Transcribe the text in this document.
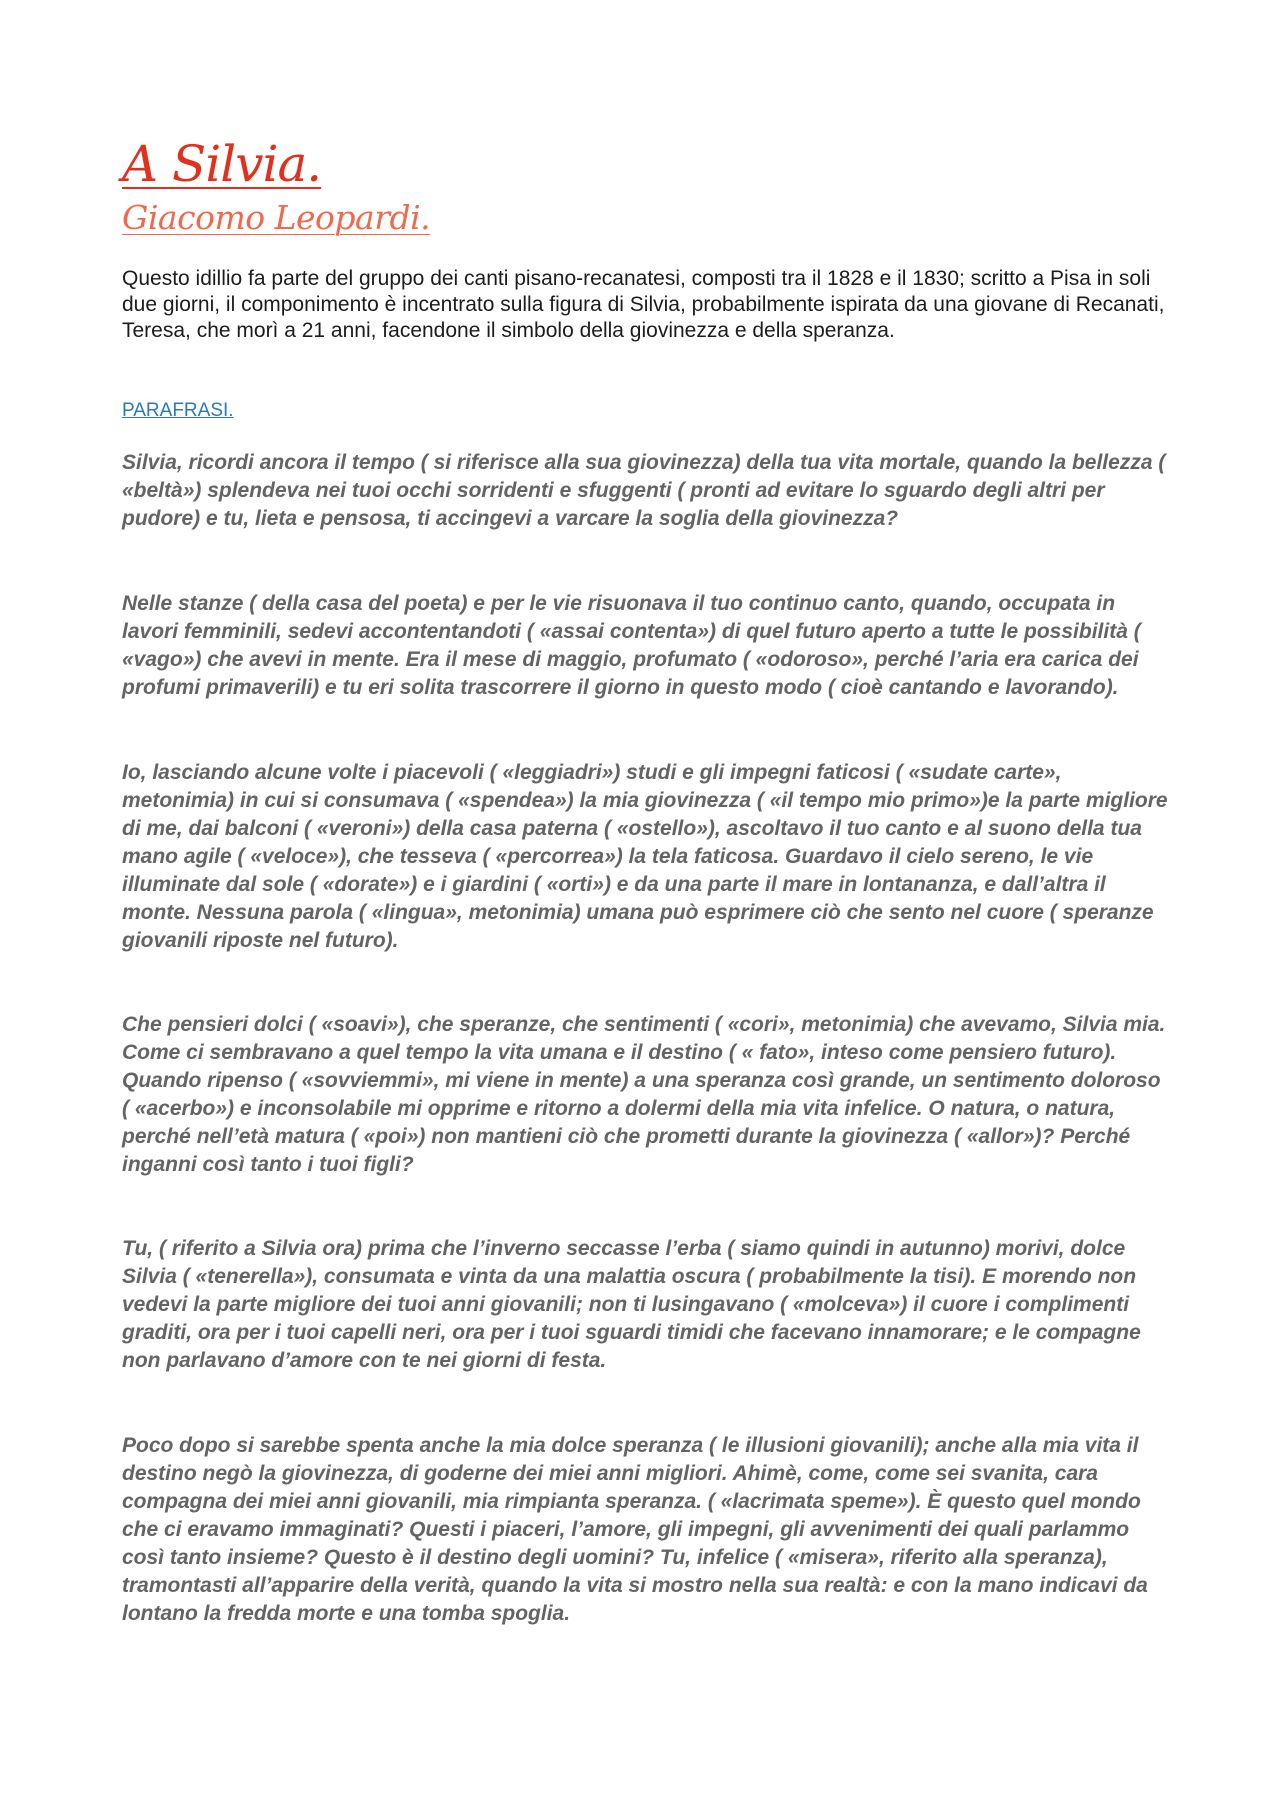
A Silvia.
Giacomo Leopardi.

Questo idillio fa parte del gruppo dei canti pisano-recanatesi, composti tra il 1828 e il 1830; scritto a Pisa in soli due giorni, il componimento è incentrato sulla figura di Silvia, probabilmente ispirata da una giovane di Recanati, Teresa, che morì a 21 anni, facendone il simbolo della giovinezza e della speranza.

PARAFRASI.

Silvia, ricordi ancora il tempo ( si riferisce alla sua giovinezza) della tua vita mortale, quando la bellezza ( «beltà») splendeva nei tuoi occhi sorridenti e sfuggenti ( pronti ad evitare lo sguardo degli altri per pudore) e tu, lieta e pensosa, ti accingevi a varcare la soglia della giovinezza?

Nelle stanze ( della casa del poeta) e per le vie risuonava il tuo continuo canto, quando, occupata in lavori femminili, sedevi accontentandoti ( «assai contenta») di quel futuro aperto a tutte le possibilità ( «vago») che avevi in mente. Era il mese di maggio, profumato ( «odoroso», perché l’aria era carica dei profumi primaverili) e tu eri solita trascorrere il giorno in questo modo ( cioè cantando e lavorando).

Io, lasciando alcune volte i piacevoli ( «leggiadri») studi e gli impegni faticosi ( «sudate carte», metonimia) in cui si consumava ( «spendea») la mia giovinezza ( «il tempo mio primo»)e la parte migliore di me, dai balconi ( «veroni») della casa paterna ( «ostello»), ascoltavo il tuo canto e al suono della tua mano agile ( «veloce»), che tesseva ( «percorrea») la tela faticosa. Guardavo il cielo sereno, le vie illuminate dal sole ( «dorate») e i giardini ( «orti») e da una parte il mare in lontananza, e dall’altra il monte. Nessuna parola ( «lingua», metonimia) umana può esprimere ciò che sento nel cuore ( speranze giovanili riposte nel futuro).

Che pensieri dolci ( «soavi»), che speranze, che sentimenti ( «cori», metonimia) che avevamo, Silvia mia. Come ci sembravano a quel tempo la vita umana e il destino ( « fato», inteso come pensiero futuro). Quando ripenso ( «sovviemmi», mi viene in mente) a una speranza così grande, un sentimento doloroso ( «acerbo») e inconsolabile mi opprime e ritorno a dolermi della mia vita infelice. O natura, o natura, perché nell’età matura ( «poi») non mantieni ciò che prometti durante la giovinezza ( «allor»)? Perché inganni così tanto i tuoi figli?

Tu, ( riferito a Silvia ora) prima che l’inverno seccasse l’erba ( siamo quindi in autunno) morivi, dolce Silvia ( «tenerella»), consumata e vinta da una malattia oscura ( probabilmente la tisi). E morendo non vedevi la parte migliore dei tuoi anni giovanili; non ti lusingavano ( «molceva») il cuore i complimenti graditi, ora per i tuoi capelli neri, ora per i tuoi sguardi timidi che facevano innamorare; e le compagne non parlavano d’amore con te nei giorni di festa.

Poco dopo si sarebbe spenta anche la mia dolce speranza ( le illusioni giovanili); anche alla mia vita il destino negò la giovinezza, di goderne dei miei anni migliori. Ahimè, come, come sei svanita, cara compagna dei miei anni giovanili, mia rimpianta speranza. ( «lacrimata speme»). È questo quel mondo che ci eravamo immaginati? Questi i piaceri, l’amore, gli impegni, gli avvenimenti dei quali parlammo così tanto insieme? Questo è il destino degli uomini? Tu, infelice ( «misera», riferito alla speranza), tramontasti all’apparire della verità, quando la vita si mostro nella sua realtà: e con la mano indicavi da lontano la fredda morte e una tomba spoglia.
